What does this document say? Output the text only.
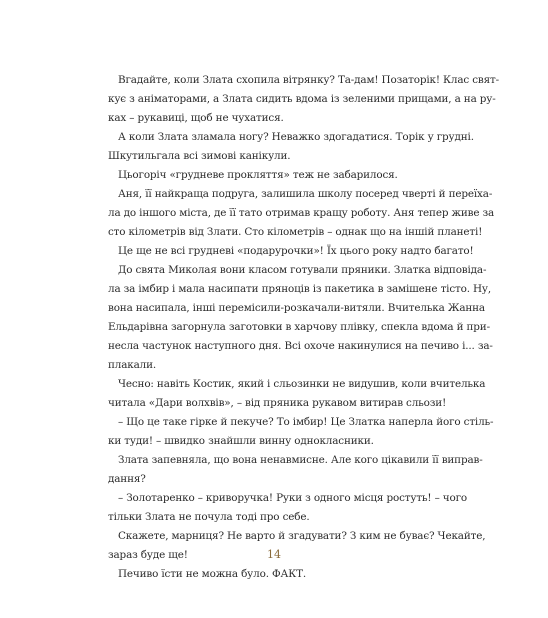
Вгадайте, коли Злата схопила вітрянку? Та-дам! Позаторік! Клас свят-
кує з аніматорами, а Злата сидить вдома із зеленими прищами, а на ру-
ках – рукавиці, щоб не чухатися.
А коли Злата зламала ногу? Неважко здогадатися. Торік у грудні.
Шкутильгала всі зимові канікули.
Цьогоріч «грудневе прокляття» теж не забарилося.
Аня, її найкраща подруга, залишила школу посеред чверті й переїха-
ла до іншого міста, де її тато отримав кращу роботу. Аня тепер живе за
сто кілометрів від Злати. Сто кілометрів – однак що на іншій планеті!
Це ще не всі грудневі «подарурочки»! Їх цього року надто багато!
До свята Миколая вони класом готували пряники. Златка відповіда-
ла за імбир і мала насипати пряноців із пакетика в замішене тісто. Ну,
вона насипала, інші перемісили-розкачали-витяли. Вчителька Жанна
Ельдарівна загорнула заготовки в харчову плівку, спекла вдома й при-
несла частунок наступного дня. Всі охоче накинулися на печиво і... за-
плакали.
Чесно: навіть Костик, який і сльозинки не видушив, коли вчителька
читала «Дари волхвів», – від пряника рукавом витирав сльози!
– Що це таке гірке й пекуче? То імбир! Це Златка наперла його стіль-
ки туди! – швидко знайшли винну однокласники.
Злата запевняла, що вона ненавмисне. Але кого цікавили її виправ-
дання?
– Золотаренко – криворучка! Руки з одного місця ростуть! – чого
тільки Злата не почула тоді про себе.
Скажете, марниця? Не варто й згадувати? З ким не буває? Чекайте,
зараз буде ще!
Печиво їсти не можна було. ФАКТ.
14
